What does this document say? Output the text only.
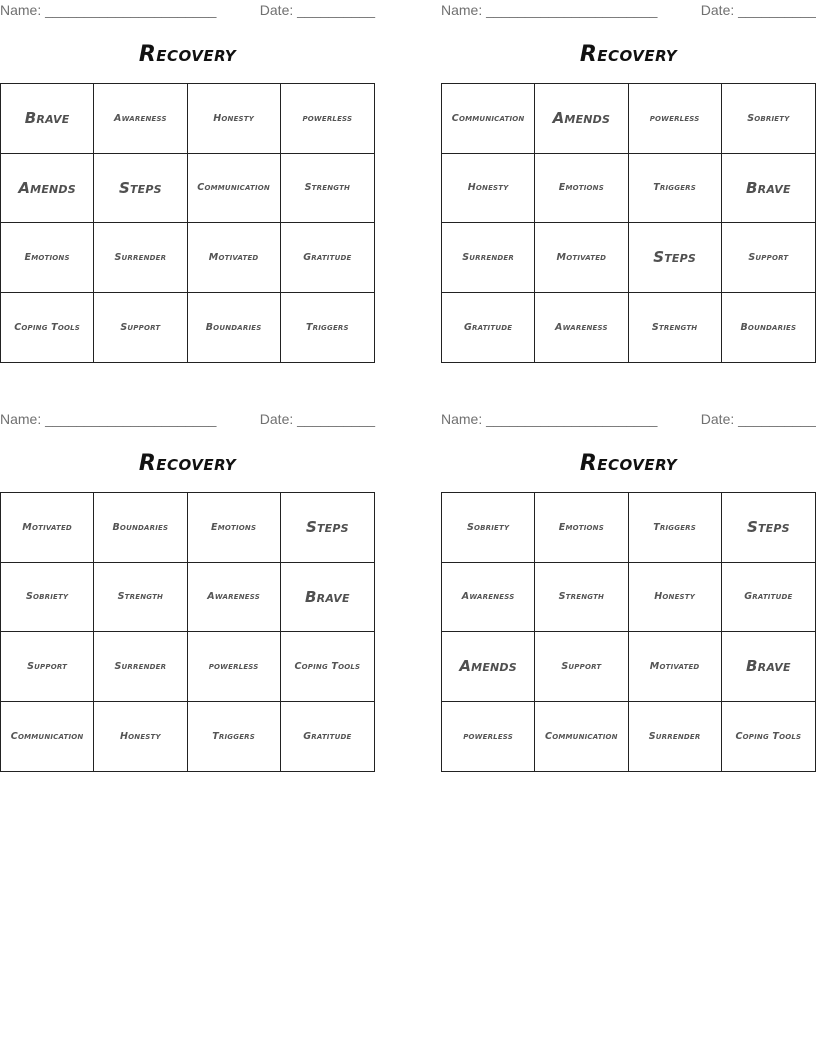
Name: ______________________	Date: __________
Recovery
Brave	Awareness	Honesty	powerless
Amends	Steps	Communication	Strength
Emotions	Surrender	Motivated	Gratitude
Coping Tools	Support	Boundaries	Triggers
Name: ______________________	Date: __________
Recovery
Communication	Amends	powerless	Sobriety
Honesty	Emotions	Triggers	Brave
Surrender	Motivated	Steps	Support
Gratitude	Awareness	Strength	Boundaries
Name: ______________________	Date: __________
Recovery
Motivated	Boundaries	Emotions	Steps
Sobriety	Strength	Awareness	Brave
Support	Surrender	powerless	Coping Tools
Communication	Honesty	Triggers	Gratitude
Name: ______________________	Date: __________
Recovery
Sobriety	Emotions	Triggers	Steps
Awareness	Strength	Honesty	Gratitude
Amends	Support	Motivated	Brave
powerless	Communication	Surrender	Coping Tools
